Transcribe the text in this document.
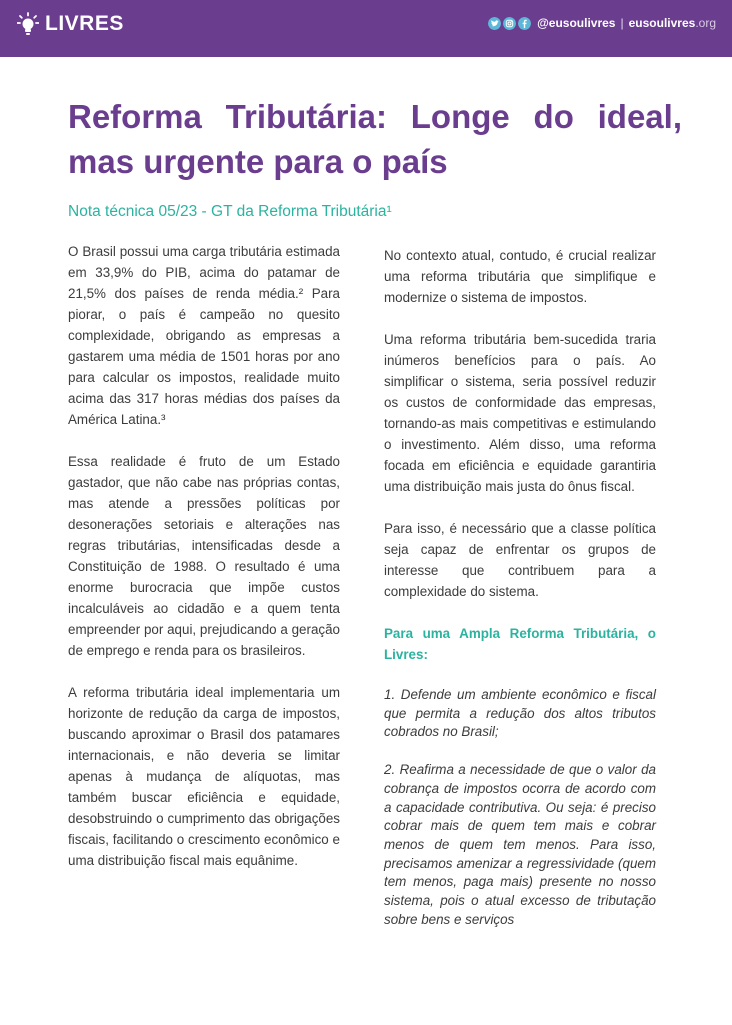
LIVRES	@eusoulivres | eusoulivres.org
Reforma Tributária: Longe do ideal, mas urgente para o país
Nota técnica 05/23 - GT da Reforma Tributária¹

O Brasil possui uma carga tributária estimada em 33,9% do PIB, acima do patamar de 21,5% dos países de renda média.² Para piorar, o país é campeão no quesito complexidade, obrigando as empresas a gastarem uma média de 1501 horas por ano para calcular os impostos, realidade muito acima das 317 horas médias dos países da América Latina.³

Essa realidade é fruto de um Estado gastador, que não cabe nas próprias contas, mas atende a pressões políticas por desonerações setoriais e alterações nas regras tributárias, intensificadas desde a Constituição de 1988. O resultado é uma enorme burocracia que impõe custos incalculáveis ao cidadão e a quem tenta empreender por aqui, prejudicando a geração de emprego e renda para os brasileiros.

A reforma tributária ideal implementaria um horizonte de redução da carga de impostos, buscando aproximar o Brasil dos patamares internacionais, e não deveria se limitar apenas à mudança de alíquotas, mas também buscar eficiência e equidade, desobstruindo o cumprimento das obrigações fiscais, facilitando o crescimento econômico e uma distribuição fiscal mais equânime.

No contexto atual, contudo, é crucial realizar uma reforma tributária que simplifique e modernize o sistema de impostos.

Uma reforma tributária bem-sucedida traria inúmeros benefícios para o país. Ao simplificar o sistema, seria possível reduzir os custos de conformidade das empresas, tornando-as mais competitivas e estimulando o investimento. Além disso, uma reforma focada em eficiência e equidade garantiria uma distribuição mais justa do ônus fiscal.

Para isso, é necessário que a classe política seja capaz de enfrentar os grupos de interesse que contribuem para a complexidade do sistema.

Para uma Ampla Reforma Tributária, o Livres:

1. Defende um ambiente econômico e fiscal que permita a redução dos altos tributos cobrados no Brasil;

2. Reafirma a necessidade de que o valor da cobrança de impostos ocorra de acordo com a capacidade contributiva. Ou seja: é preciso cobrar mais de quem tem mais e cobrar menos de quem tem menos. Para isso, precisamos amenizar a regressividade (quem tem menos, paga mais) presente no nosso sistema, pois o atual excesso de tributação sobre bens e serviços
